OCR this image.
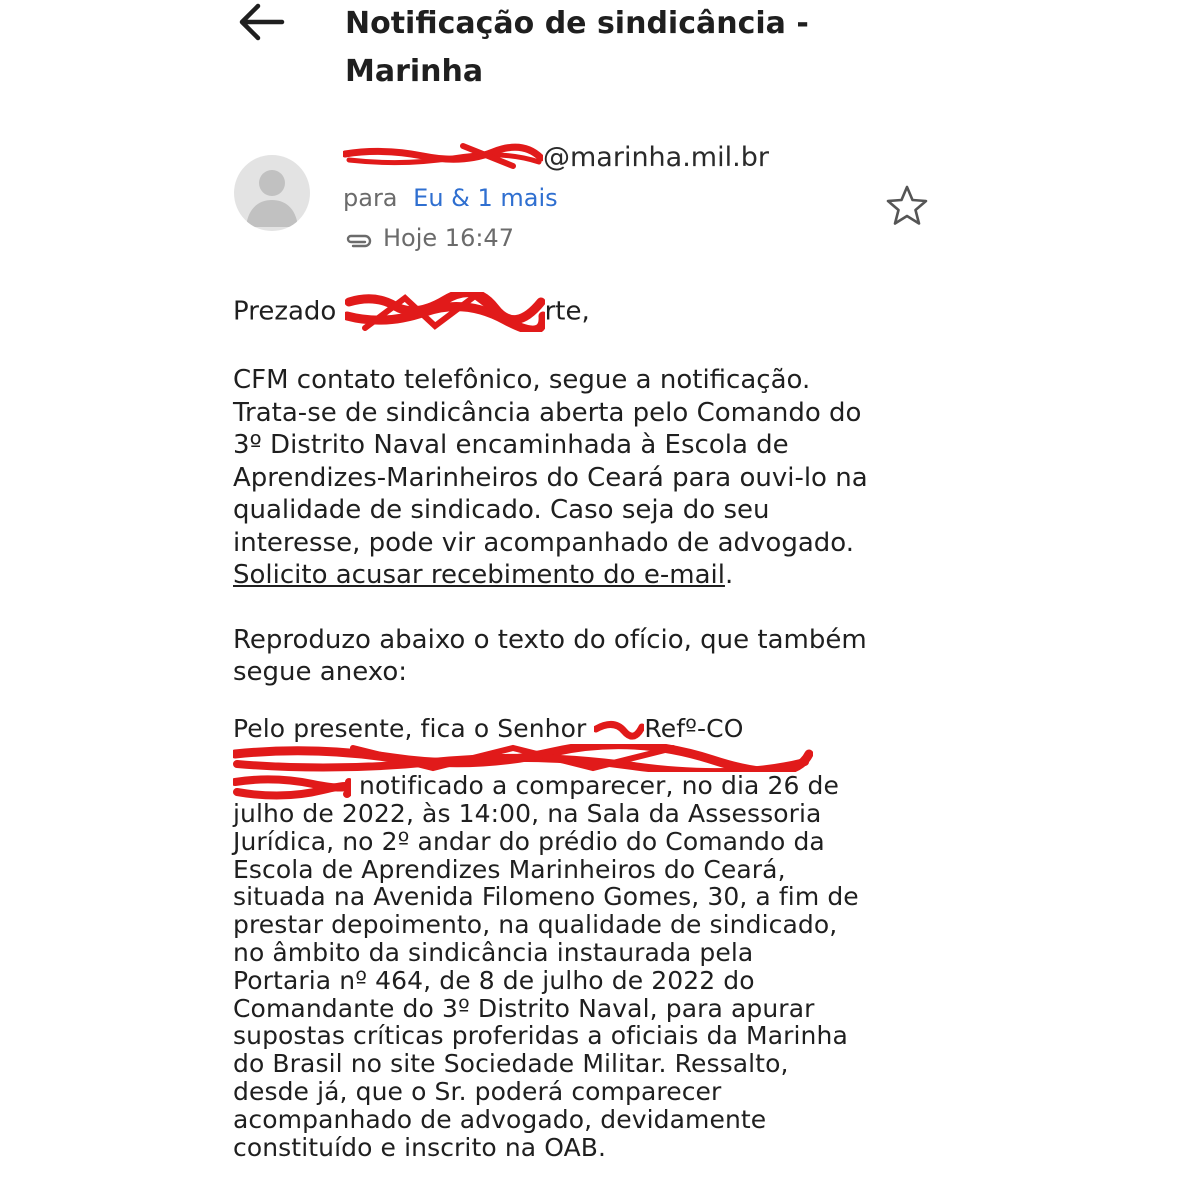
Notificação de sindicância -
Marinha
@marinha.mil.br
para Eu & 1 mais
Hoje 16:47

Prezado	rte,

CFM contato telefônico, segue a notificação.
Trata-se de sindicância aberta pelo Comando do
3º Distrito Naval encaminhada à Escola de
Aprendizes-Marinheiros do Ceará para ouvi-lo na
qualidade de sindicado. Caso seja do seu
interesse, pode vir acompanhado de advogado.
Solicito acusar recebimento do e-mail.

Reproduzo abaixo o texto do ofício, que também
segue anexo:

Pelo presente, fica o Senhor Refº-CO

notificado a comparecer, no dia 26 de
julho de 2022, às 14:00, na Sala da Assessoria
Jurídica, no 2º andar do prédio do Comando da
Escola de Aprendizes Marinheiros do Ceará,
situada na Avenida Filomeno Gomes, 30, a fim de
prestar depoimento, na qualidade de sindicado,
no âmbito da sindicância instaurada pela
Portaria nº 464, de 8 de julho de 2022 do
Comandante do 3º Distrito Naval, para apurar
supostas críticas proferidas a oficiais da Marinha
do Brasil no site Sociedade Militar. Ressalto,
desde já, que o Sr. poderá comparecer
acompanhado de advogado, devidamente
constituído e inscrito na OAB.
